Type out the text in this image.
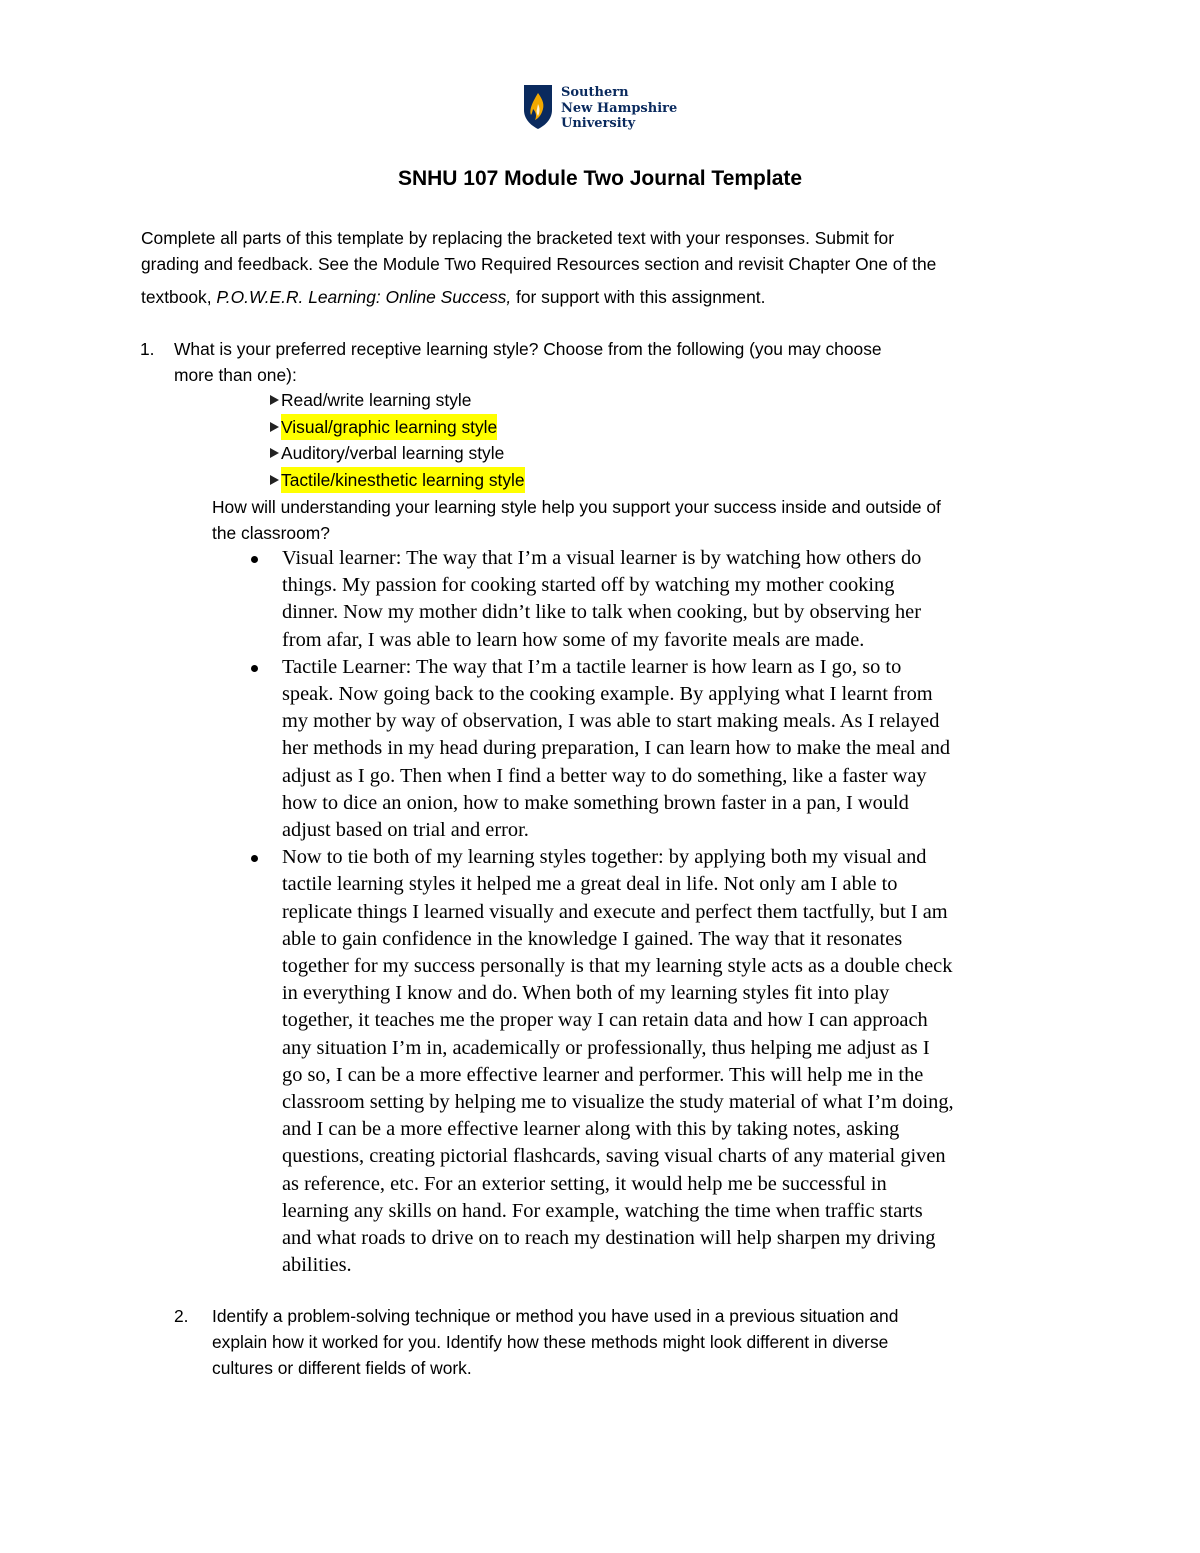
Southern
New Hampshire
University
SNHU 107 Module Two Journal Template
Complete all parts of this template by replacing the bracketed text with your responses. Submit for
grading and feedback. See the Module Two Required Resources section and revisit Chapter One of the
textbook, P.O.W.E.R. Learning: Online Success, for support with this assignment.
1.	What is your preferred receptive learning style? Choose from the following (you may choose
more than one):
Read/write learning style
Visual/graphic learning style
Auditory/verbal learning style
Tactile/kinesthetic learning style
How will understanding your learning style help you support your success inside and outside of
the classroom?
Visual learner: The way that I’m a visual learner is by watching how others do
things. My passion for cooking started off by watching my mother cooking
dinner. Now my mother didn’t like to talk when cooking, but by observing her
from afar, I was able to learn how some of my favorite meals are made.
Tactile Learner: The way that I’m a tactile learner is how learn as I go, so to
speak. Now going back to the cooking example. By applying what I learnt from
my mother by way of observation, I was able to start making meals. As I relayed
her methods in my head during preparation, I can learn how to make the meal and
adjust as I go. Then when I find a better way to do something, like a faster way
how to dice an onion, how to make something brown faster in a pan, I would
adjust based on trial and error.
Now to tie both of my learning styles together: by applying both my visual and
tactile learning styles it helped me a great deal in life. Not only am I able to
replicate things I learned visually and execute and perfect them tactfully, but I am
able to gain confidence in the knowledge I gained. The way that it resonates
together for my success personally is that my learning style acts as a double check
in everything I know and do. When both of my learning styles fit into play
together, it teaches me the proper way I can retain data and how I can approach
any situation I’m in, academically or professionally, thus helping me adjust as I
go so, I can be a more effective learner and performer. This will help me in the
classroom setting by helping me to visualize the study material of what I’m doing,
and I can be a more effective learner along with this by taking notes, asking
questions, creating pictorial flashcards, saving visual charts of any material given
as reference, etc. For an exterior setting, it would help me be successful in
learning any skills on hand. For example, watching the time when traffic starts
and what roads to drive on to reach my destination will help sharpen my driving
abilities.
2.	Identify a problem-solving technique or method you have used in a previous situation and
explain how it worked for you. Identify how these methods might look different in diverse
cultures or different fields of work.
